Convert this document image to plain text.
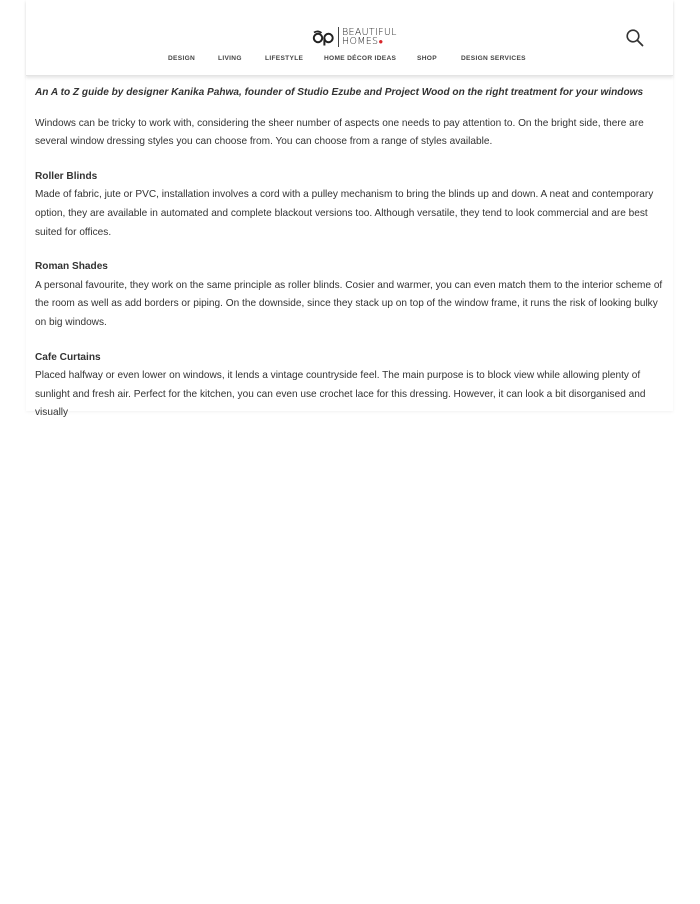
BEAUTIFUL
HOMES●
DESIGN	LIVING	LIFESTYLE	HOME DÉCOR IDEAS	SHOP	DESIGN SERVICES

An A to Z guide by designer Kanika Pahwa, founder of Studio Ezube and Project Wood on the right treatment for your windows

Windows can be tricky to work with, considering the sheer number of aspects one needs to pay attention to. On the bright side, there are several window dressing styles you can choose from. You can choose from a range of styles available.

Roller Blinds

Made of fabric, jute or PVC, installation involves a cord with a pulley mechanism to bring the blinds up and down. A neat and contemporary option, they are available in automated and complete blackout versions too. Although versatile, they tend to look commercial and are best suited for offices.

Roman Shades

A personal favourite, they work on the same principle as roller blinds. Cosier and warmer, you can even match them to the interior scheme of the room as well as add borders or piping. On the downside, since they stack up on top of the window frame, it runs the risk of looking bulky on big windows.

Cafe Curtains

Placed halfway or even lower on windows, it lends a vintage countryside feel. The main purpose is to block view while allowing plenty of sunlight and fresh air. Perfect for the kitchen, you can even use crochet lace for this dressing. However, it can look a bit disorganised and visually
